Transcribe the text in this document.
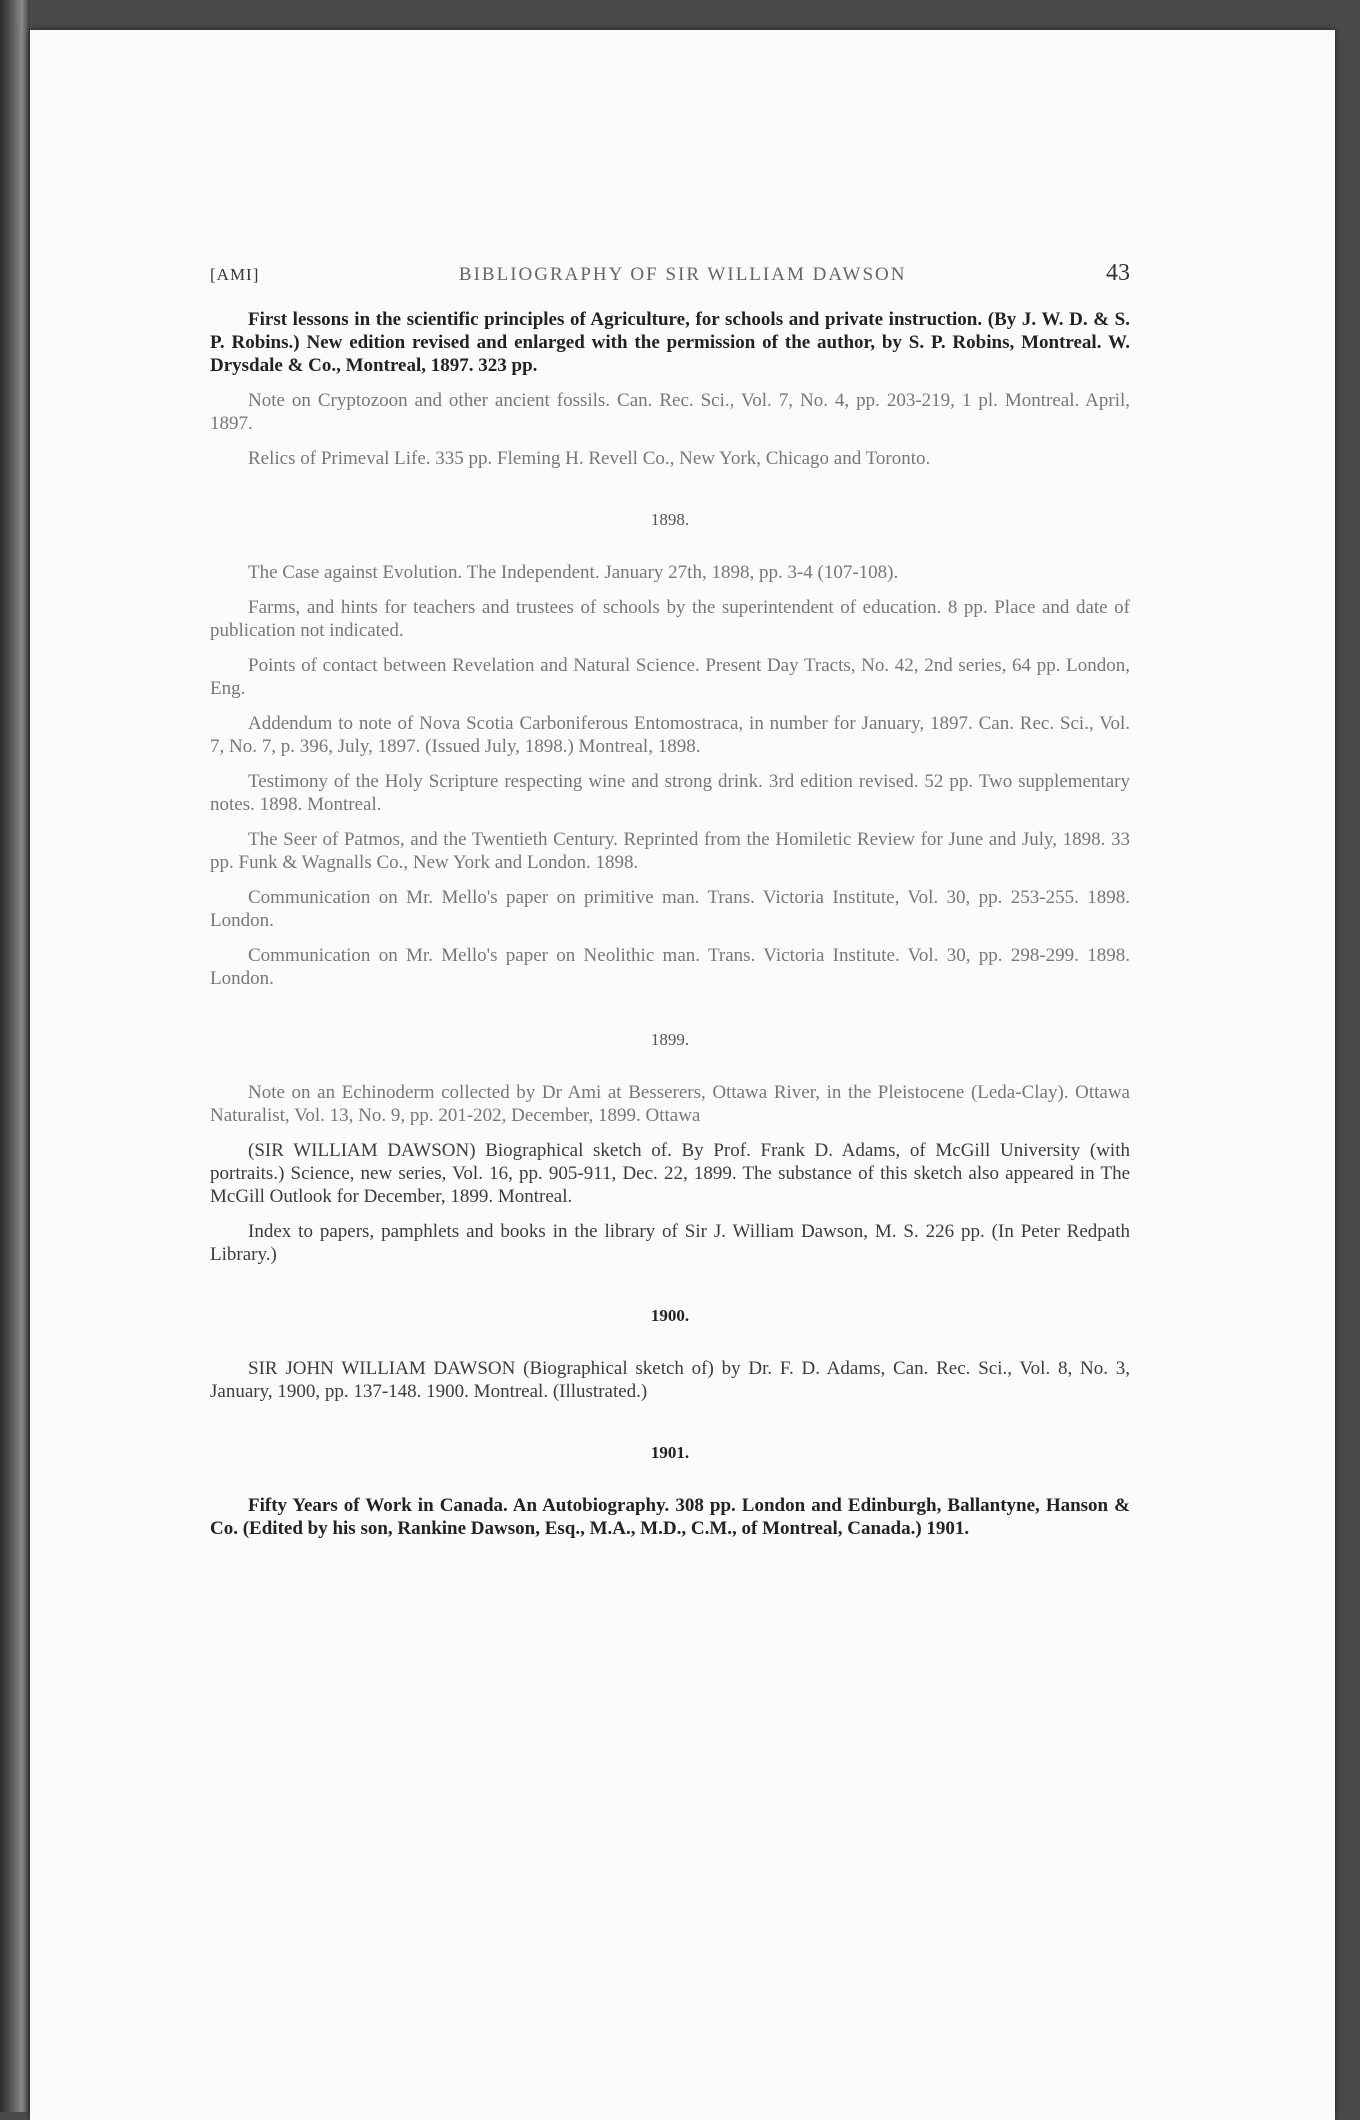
[AMI]	BIBLIOGRAPHY OF SIR WILLIAM DAWSON	43

First lessons in the scientific principles of Agriculture, for schools and private instruction. (By J. W. D. & S. P. Robins.) New edition revised and enlarged with the permission of the author, by S. P. Robins, Montreal. W. Drysdale & Co., Montreal, 1897. 323 pp.

Note on Cryptozoon and other ancient fossils. Can. Rec. Sci., Vol. 7, No. 4, pp. 203-219, 1 pl. Montreal. April, 1897.

Relics of Primeval Life. 335 pp. Fleming H. Revell Co., New York, Chicago and Toronto.

1898.

The Case against Evolution. The Independent. January 27th, 1898, pp. 3-4 (107-108).

Farms, and hints for teachers and trustees of schools by the superintendent of education. 8 pp. Place and date of publication not indicated.

Points of contact between Revelation and Natural Science. Present Day Tracts, No. 42, 2nd series, 64 pp. London, Eng.

Addendum to note of Nova Scotia Carboniferous Entomostraca, in number for January, 1897. Can. Rec. Sci., Vol. 7, No. 7, p. 396, July, 1897. (Issued July, 1898.) Montreal, 1898.

Testimony of the Holy Scripture respecting wine and strong drink. 3rd edition revised. 52 pp. Two supplementary notes. 1898. Montreal.

The Seer of Patmos, and the Twentieth Century. Reprinted from the Homiletic Review for June and July, 1898. 33 pp. Funk & Wagnalls Co., New York and London. 1898.

Communication on Mr. Mello's paper on primitive man. Trans. Victoria Institute, Vol. 30, pp. 253-255. 1898. London.

Communication on Mr. Mello's paper on Neolithic man. Trans. Victoria Institute. Vol. 30, pp. 298-299. 1898. London.

1899.

Note on an Echinoderm collected by Dr Ami at Besserers, Ottawa River, in the Pleistocene (Leda-Clay). Ottawa Naturalist, Vol. 13, No. 9, pp. 201-202, December, 1899. Ottawa

(SIR WILLIAM DAWSON) Biographical sketch of. By Prof. Frank D. Adams, of McGill University (with portraits.) Science, new series, Vol. 16, pp. 905-911, Dec. 22, 1899. The substance of this sketch also appeared in The McGill Outlook for December, 1899. Montreal.

Index to papers, pamphlets and books in the library of Sir J. William Dawson, M. S. 226 pp. (In Peter Redpath Library.)

1900.

SIR JOHN WILLIAM DAWSON (Biographical sketch of) by Dr. F. D. Adams, Can. Rec. Sci., Vol. 8, No. 3, January, 1900, pp. 137-148. 1900. Montreal. (Illustrated.)

1901.

Fifty Years of Work in Canada. An Autobiography. 308 pp. London and Edinburgh, Ballantyne, Hanson & Co. (Edited by his son, Rankine Dawson, Esq., M.A., M.D., C.M., of Montreal, Canada.) 1901.
